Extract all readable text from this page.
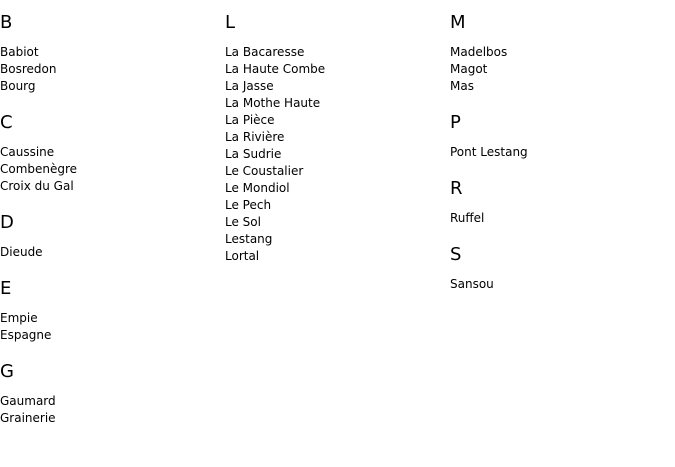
B
Babiot
Bosredon
Bourg
C
Caussine
Combenègre
Croix du Gal
D
Dieude
E
Empie
Espagne
G
Gaumard
Grainerie
L
La Bacaresse
La Haute Combe
La Jasse
La Mothe Haute
La Pièce
La Rivière
La Sudrie
Le Coustalier
Le Mondiol
Le Pech
Le Sol
Lestang
Lortal
M
Madelbos
Magot
Mas
P
Pont Lestang
R
Ruffel
S
Sansou
